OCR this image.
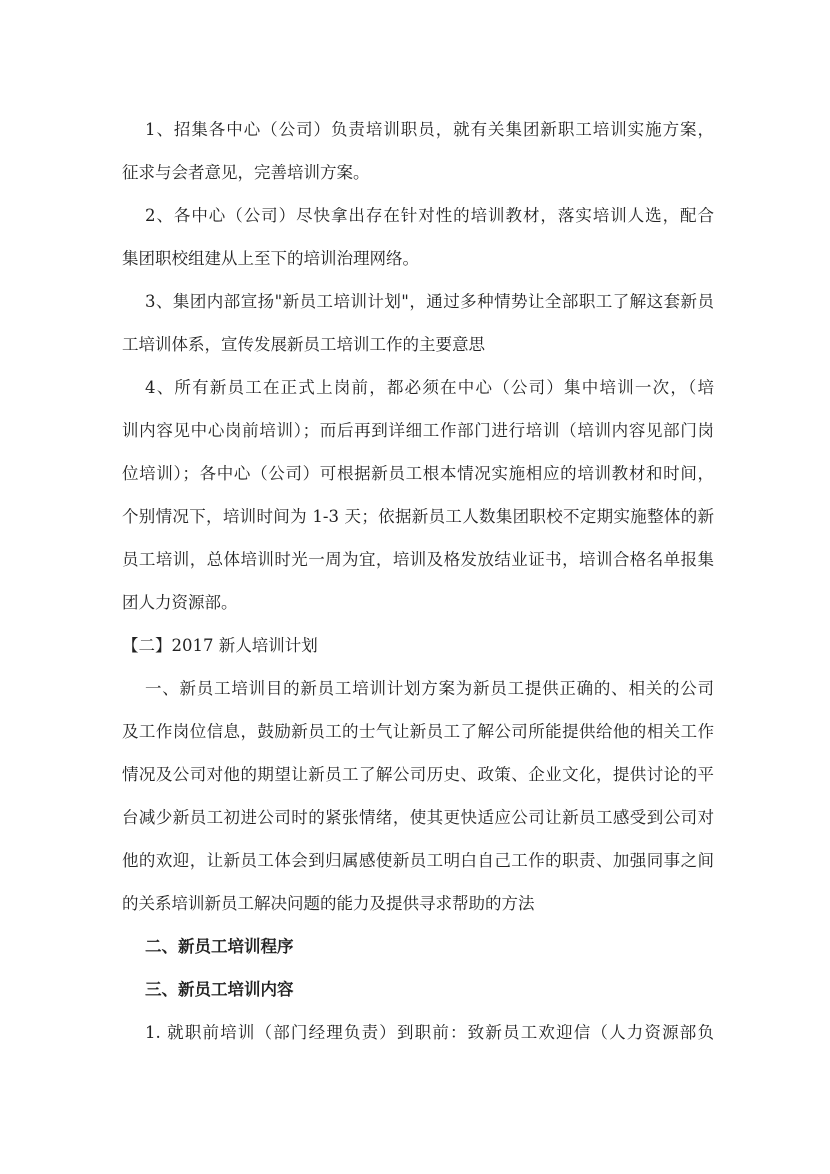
1、招集各中心（公司）负责培训职员，就有关集团新职工培训实施方案，
征求与会者意见，完善培训方案。
2、各中心（公司）尽快拿出存在针对性的培训教材，落实培训人选，配合
集团职校组建从上至下的培训治理网络。
3、集团内部宣扬"新员工培训计划"，通过多种情势让全部职工了解这套新员
工培训体系，宣传发展新员工培训工作的主要意思
4、所有新员工在正式上岗前，都必须在中心（公司）集中培训一次，（培
训内容见中心岗前培训）；而后再到详细工作部门进行培训（培训内容见部门岗
位培训）；各中心（公司）可根据新员工根本情况实施相应的培训教材和时间，
个别情况下，培训时间为 1-3 天；依据新员工人数集团职校不定期实施整体的新
员工培训，总体培训时光一周为宜，培训及格发放结业证书，培训合格名单报集
团人力资源部。
【二】2017 新人培训计划
一、新员工培训目的新员工培训计划方案为新员工提供正确的、相关的公司
及工作岗位信息，鼓励新员工的士气让新员工了解公司所能提供给他的相关工作
情况及公司对他的期望让新员工了解公司历史、政策、企业文化，提供讨论的平
台减少新员工初进公司时的紧张情绪，使其更快适应公司让新员工感受到公司对
他的欢迎，让新员工体会到归属感使新员工明白自己工作的职责、加强同事之间
的关系培训新员工解决问题的能力及提供寻求帮助的方法
二、新员工培训程序
三、新员工培训内容
1. 就职前培训（部门经理负责）到职前：致新员工欢迎信（人力资源部负
